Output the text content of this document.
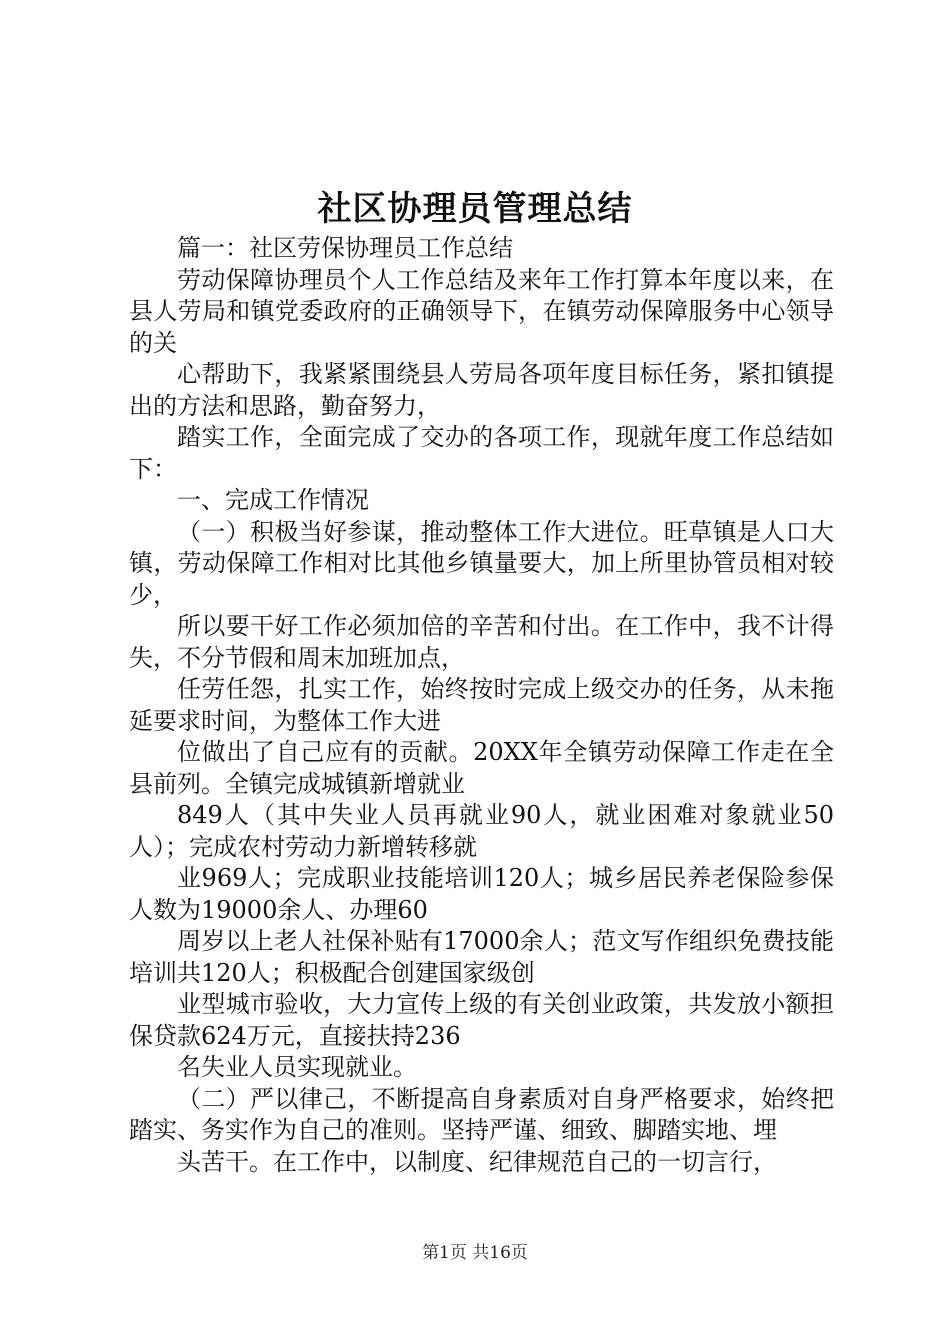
社区协理员管理总结

篇一：社区劳保协理员工作总结

劳动保障协理员个人工作总结及来年工作打算本年度以来，在县人劳局和镇党委政府的正确领导下，在镇劳动保障服务中心领导的关

心帮助下，我紧紧围绕县人劳局各项年度目标任务，紧扣镇提出的方法和思路，勤奋努力，

踏实工作，全面完成了交办的各项工作，现就年度工作总结如下：

一、完成工作情况

（一）积极当好参谋，推动整体工作大进位。旺草镇是人口大镇，劳动保障工作相对比其他乡镇量要大，加上所里协管员相对较少，

所以要干好工作必须加倍的辛苦和付出。在工作中，我不计得失，不分节假和周末加班加点，

任劳任怨，扎实工作，始终按时完成上级交办的任务，从未拖延要求时间，为整体工作大进

位做出了自己应有的贡献。20XX年全镇劳动保障工作走在全县前列。全镇完成城镇新增就业

849人（其中失业人员再就业90人，就业困难对象就业50人）；完成农村劳动力新增转移就

业969人；完成职业技能培训120人；城乡居民养老保险参保人数为19000余人、办理60

周岁以上老人社保补贴有17000余人；范文写作组织免费技能培训共120人；积极配合创建国家级创

业型城市验收，大力宣传上级的有关创业政策，共发放小额担保贷款624万元，直接扶持236

名失业人员实现就业。

（二）严以律己，不断提高自身素质对自身严格要求，始终把踏实、务实作为自己的准则。坚持严谨、细致、脚踏实地、埋

头苦干。在工作中，以制度、纪律规范自己的一切言行，

第1页 共16页
